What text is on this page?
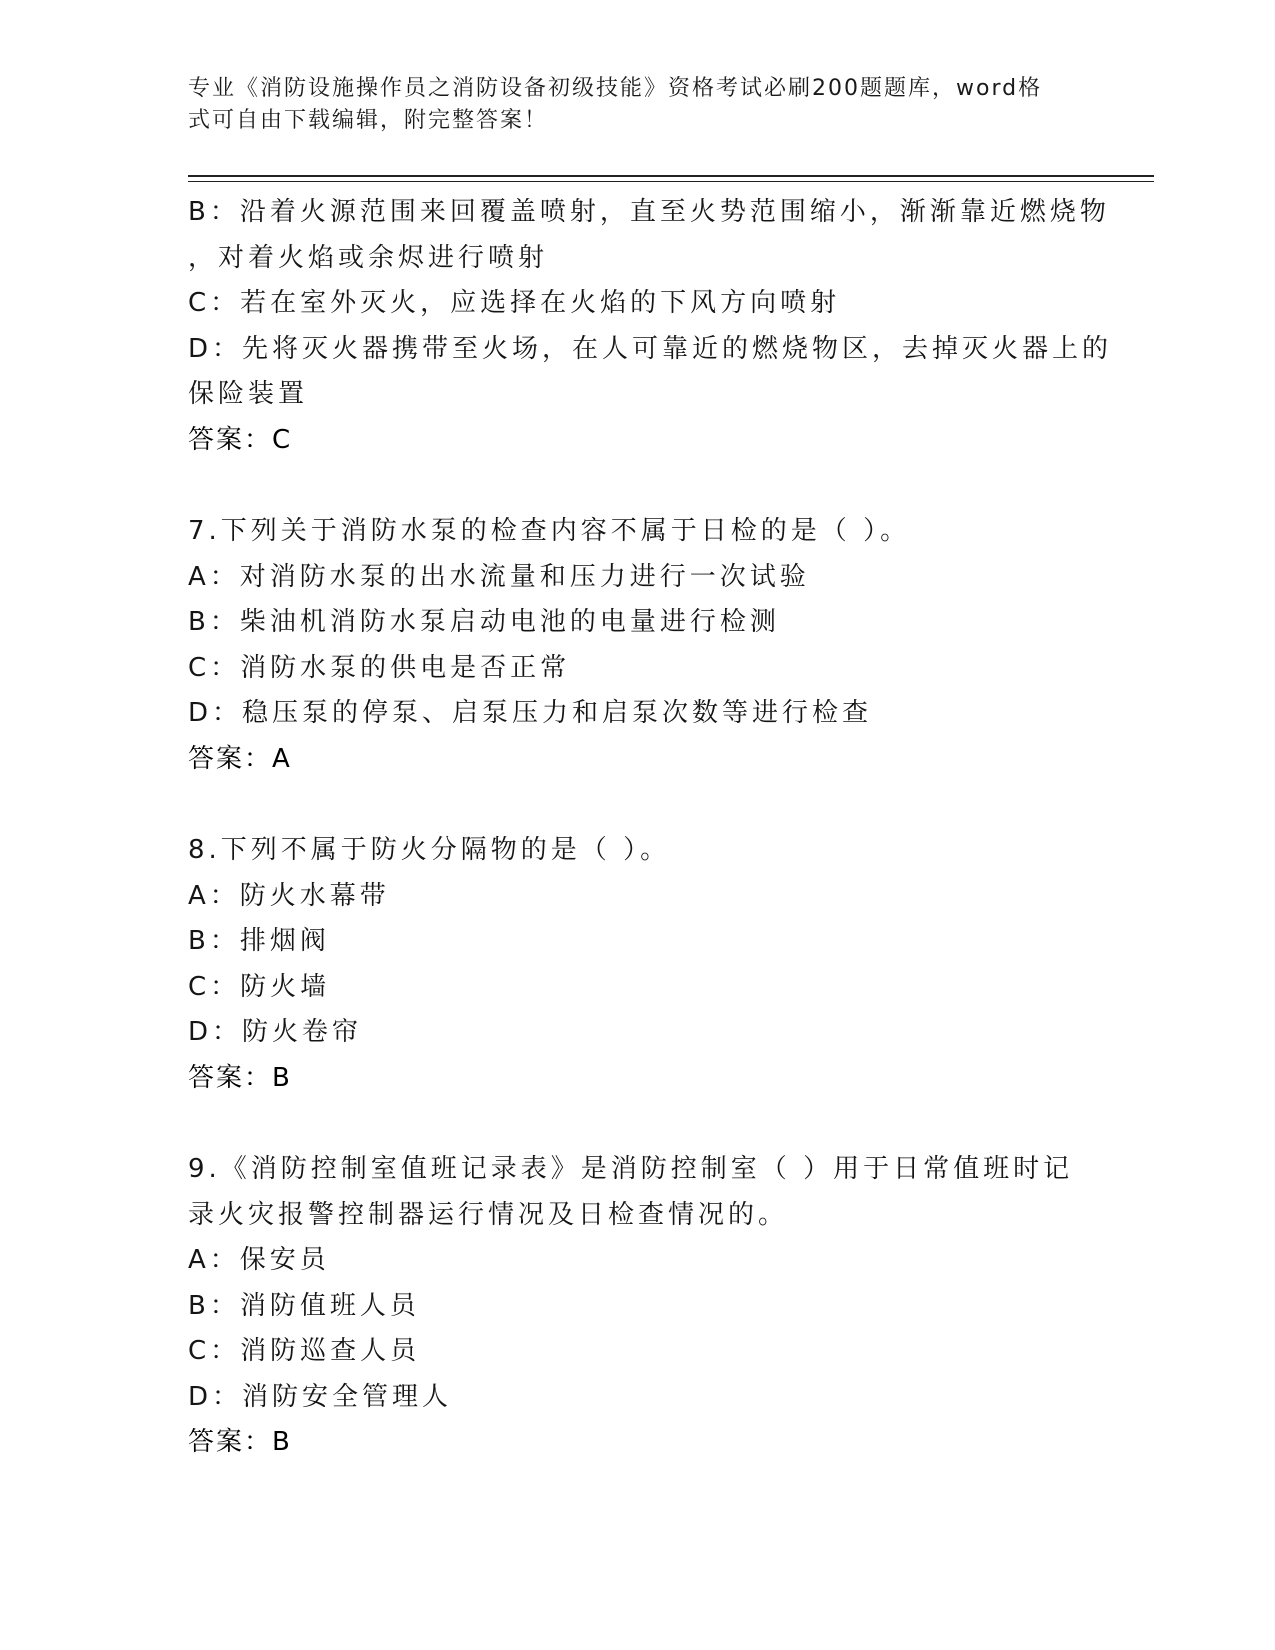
专业《消防设施操作员之消防设备初级技能》资格考试必刷200题题库，word格
式可自由下载编辑，附完整答案！
B：沿着火源范围来回覆盖喷射，直至火势范围缩小，渐渐靠近燃烧物
，对着火焰或余烬进行喷射
C：若在室外灭火，应选择在火焰的下风方向喷射
D：先将灭火器携带至火场，在人可靠近的燃烧物区，去掉灭火器上的
保险装置
答案：C
7.下列关于消防水泵的检查内容不属于日检的是（ ）。
A：对消防水泵的出水流量和压力进行一次试验
B：柴油机消防水泵启动电池的电量进行检测
C：消防水泵的供电是否正常
D：稳压泵的停泵、启泵压力和启泵次数等进行检查
答案：A
8.下列不属于防火分隔物的是（ ）。
A：防火水幕带
B：排烟阀
C：防火墙
D：防火卷帘
答案：B
9.《消防控制室值班记录表》是消防控制室（ ）用于日常值班时记
录火灾报警控制器运行情况及日检查情况的。
A：保安员
B：消防值班人员
C：消防巡查人员
D：消防安全管理人
答案：B
